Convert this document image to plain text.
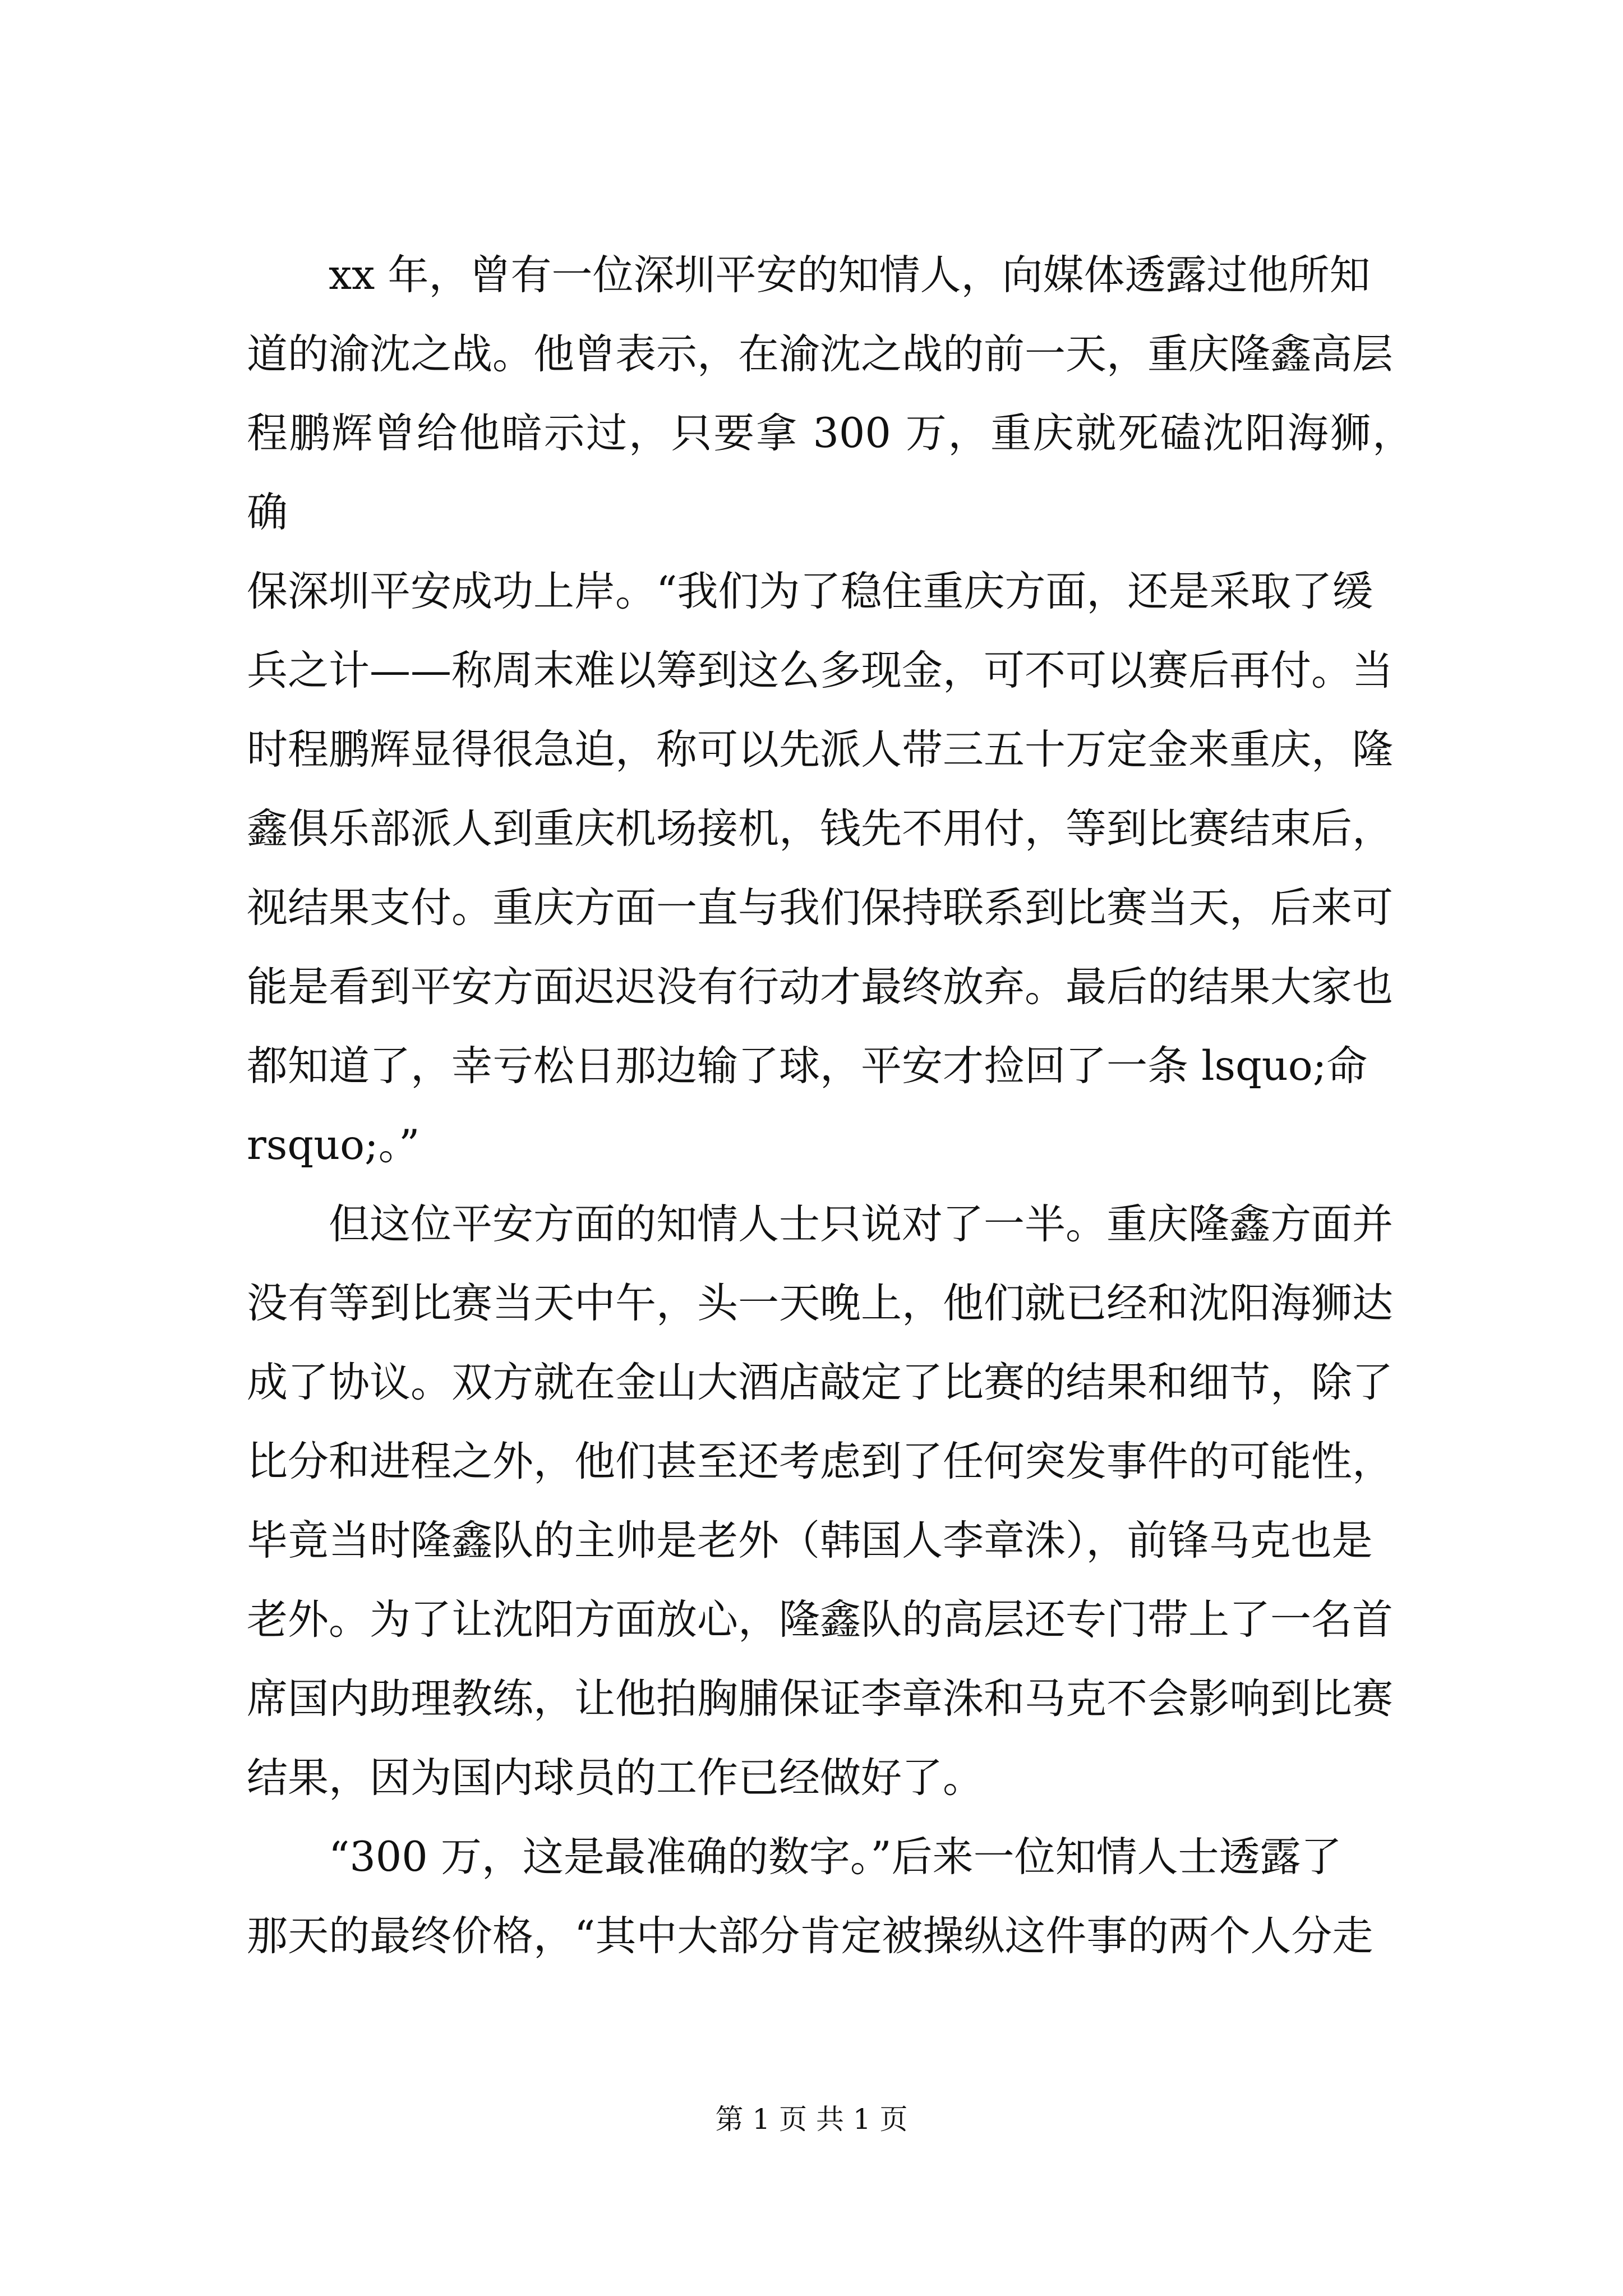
xx 年，曾有一位深圳平安的知情人，向媒体透露过他所知
道的渝沈之战。他曾表示，在渝沈之战的前一天，重庆隆鑫高层
程鹏辉曾给他暗示过，只要拿 300 万，重庆就死磕沈阳海狮，确
保深圳平安成功上岸。“我们为了稳住重庆方面，还是采取了缓
兵之计——称周末难以筹到这么多现金，可不可以赛后再付。当
时程鹏辉显得很急迫，称可以先派人带三五十万定金来重庆，隆
鑫俱乐部派人到重庆机场接机，钱先不用付，等到比赛结束后，
视结果支付。重庆方面一直与我们保持联系到比赛当天，后来可
能是看到平安方面迟迟没有行动才最终放弃。最后的结果大家也
都知道了，幸亏松日那边输了球，平安才捡回了一条 lsquo;命
rsquo;。”

但这位平安方面的知情人士只说对了一半。重庆隆鑫方面并
没有等到比赛当天中午，头一天晚上，他们就已经和沈阳海狮达
成了协议。双方就在金山大酒店敲定了比赛的结果和细节，除了
比分和进程之外，他们甚至还考虑到了任何突发事件的可能性，
毕竟当时隆鑫队的主帅是老外（韩国人李章洙），前锋马克也是
老外。为了让沈阳方面放心，隆鑫队的高层还专门带上了一名首
席国内助理教练，让他拍胸脯保证李章洙和马克不会影响到比赛
结果，因为国内球员的工作已经做好了。

“300 万，这是最准确的数字。”后来一位知情人士透露了
那天的最终价格，“其中大部分肯定被操纵这件事的两个人分走

第 1 页 共 1 页
